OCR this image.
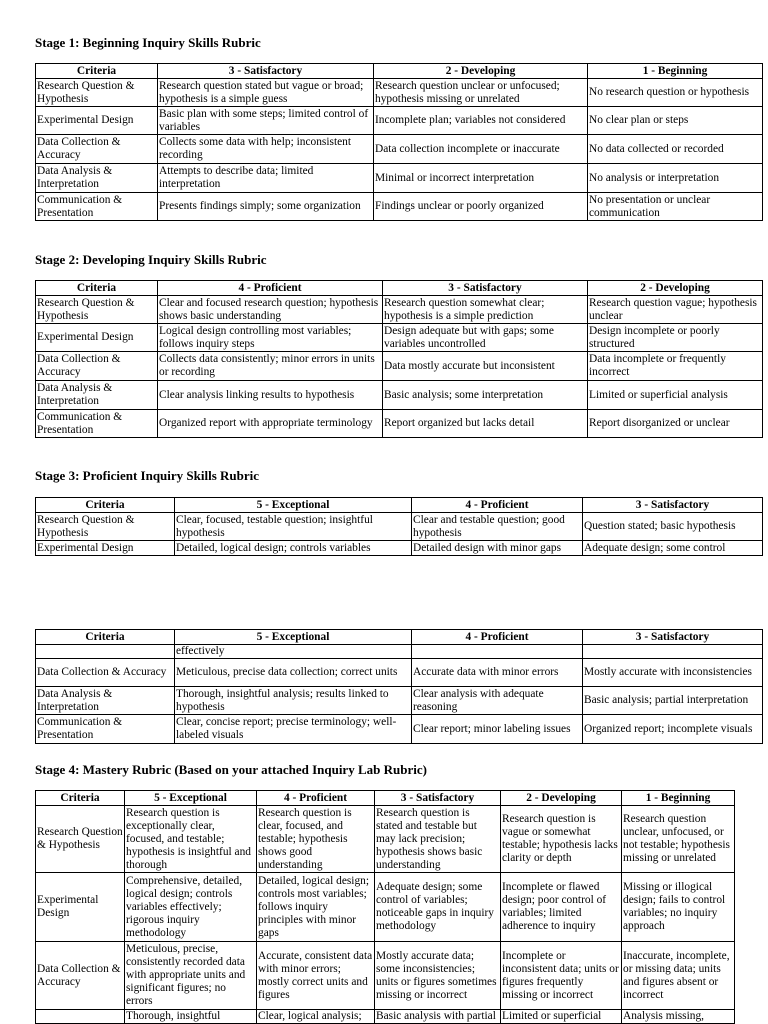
Stage 1: Beginning Inquiry Skills Rubric

Criteria	3 - Satisfactory	2 - Developing	1 - Beginning
Research Question & Hypothesis	Research question stated but vague or broad; hypothesis is a simple guess	Research question unclear or unfocused; hypothesis missing or unrelated	No research question or hypothesis
Experimental Design	Basic plan with some steps; limited control of variables	Incomplete plan; variables not considered	No clear plan or steps
Data Collection & Accuracy	Collects some data with help; inconsistent recording	Data collection incomplete or inaccurate	No data collected or recorded
Data Analysis & Interpretation	Attempts to describe data; limited interpretation	Minimal or incorrect interpretation	No analysis or interpretation
Communication & Presentation	Presents findings simply; some organization	Findings unclear or poorly organized	No presentation or unclear communication

Stage 2: Developing Inquiry Skills Rubric

Criteria	4 - Proficient	3 - Satisfactory	2 - Developing
Research Question & Hypothesis	Clear and focused research question; hypothesis shows basic understanding	Research question somewhat clear; hypothesis is a simple prediction	Research question vague; hypothesis unclear
Experimental Design	Logical design controlling most variables; follows inquiry steps	Design adequate but with gaps; some variables uncontrolled	Design incomplete or poorly structured
Data Collection & Accuracy	Collects data consistently; minor errors in units or recording	Data mostly accurate but inconsistent	Data incomplete or frequently incorrect
Data Analysis & Interpretation	Clear analysis linking results to hypothesis	Basic analysis; some interpretation	Limited or superficial analysis
Communication & Presentation	Organized report with appropriate terminology	Report organized but lacks detail	Report disorganized or unclear

Stage 3: Proficient Inquiry Skills Rubric

Criteria	5 - Exceptional	4 - Proficient	3 - Satisfactory
Research Question & Hypothesis	Clear, focused, testable question; insightful hypothesis	Clear and testable question; good hypothesis	Question stated; basic hypothesis
Experimental Design	Detailed, logical design; controls variables	Detailed design with minor gaps	Adequate design; some control
Criteria	5 - Exceptional	4 - Proficient	3 - Satisfactory
	effectively		
Data Collection & Accuracy	Meticulous, precise data collection; correct units	Accurate data with minor errors	Mostly accurate with inconsistencies
Data Analysis & Interpretation	Thorough, insightful analysis; results linked to hypothesis	Clear analysis with adequate reasoning	Basic analysis; partial interpretation
Communication & Presentation	Clear, concise report; precise terminology; well-labeled visuals	Clear report; minor labeling issues	Organized report; incomplete visuals

Stage 4: Mastery Rubric (Based on your attached Inquiry Lab Rubric)

Criteria	5 - Exceptional	4 - Proficient	3 - Satisfactory	2 - Developing	1 - Beginning
Research Question & Hypothesis	Research question is exceptionally clear, focused, and testable; hypothesis is insightful and thorough	Research question is clear, focused, and testable; hypothesis shows good understanding	Research question is stated and testable but may lack precision; hypothesis shows basic understanding	Research question is vague or somewhat testable; hypothesis lacks clarity or depth	Research question unclear, unfocused, or not testable; hypothesis missing or unrelated
Experimental Design	Comprehensive, detailed, logical design; controls variables effectively; rigorous inquiry methodology	Detailed, logical design; controls most variables; follows inquiry principles with minor gaps	Adequate design; some control of variables; noticeable gaps in inquiry methodology	Incomplete or flawed design; poor control of variables; limited adherence to inquiry	Missing or illogical design; fails to control variables; no inquiry approach
Data Collection & Accuracy	Meticulous, precise, consistently recorded data with appropriate units and significant figures; no errors	Accurate, consistent data with minor errors; mostly correct units and figures	Mostly accurate data; some inconsistencies; units or figures sometimes missing or incorrect	Incomplete or inconsistent data; units or figures frequently missing or incorrect	Inaccurate, incomplete, or missing data; units and figures absent or incorrect
	Thorough, insightful	Clear, logical analysis;	Basic analysis with partial	Limited or superficial	Analysis missing,
